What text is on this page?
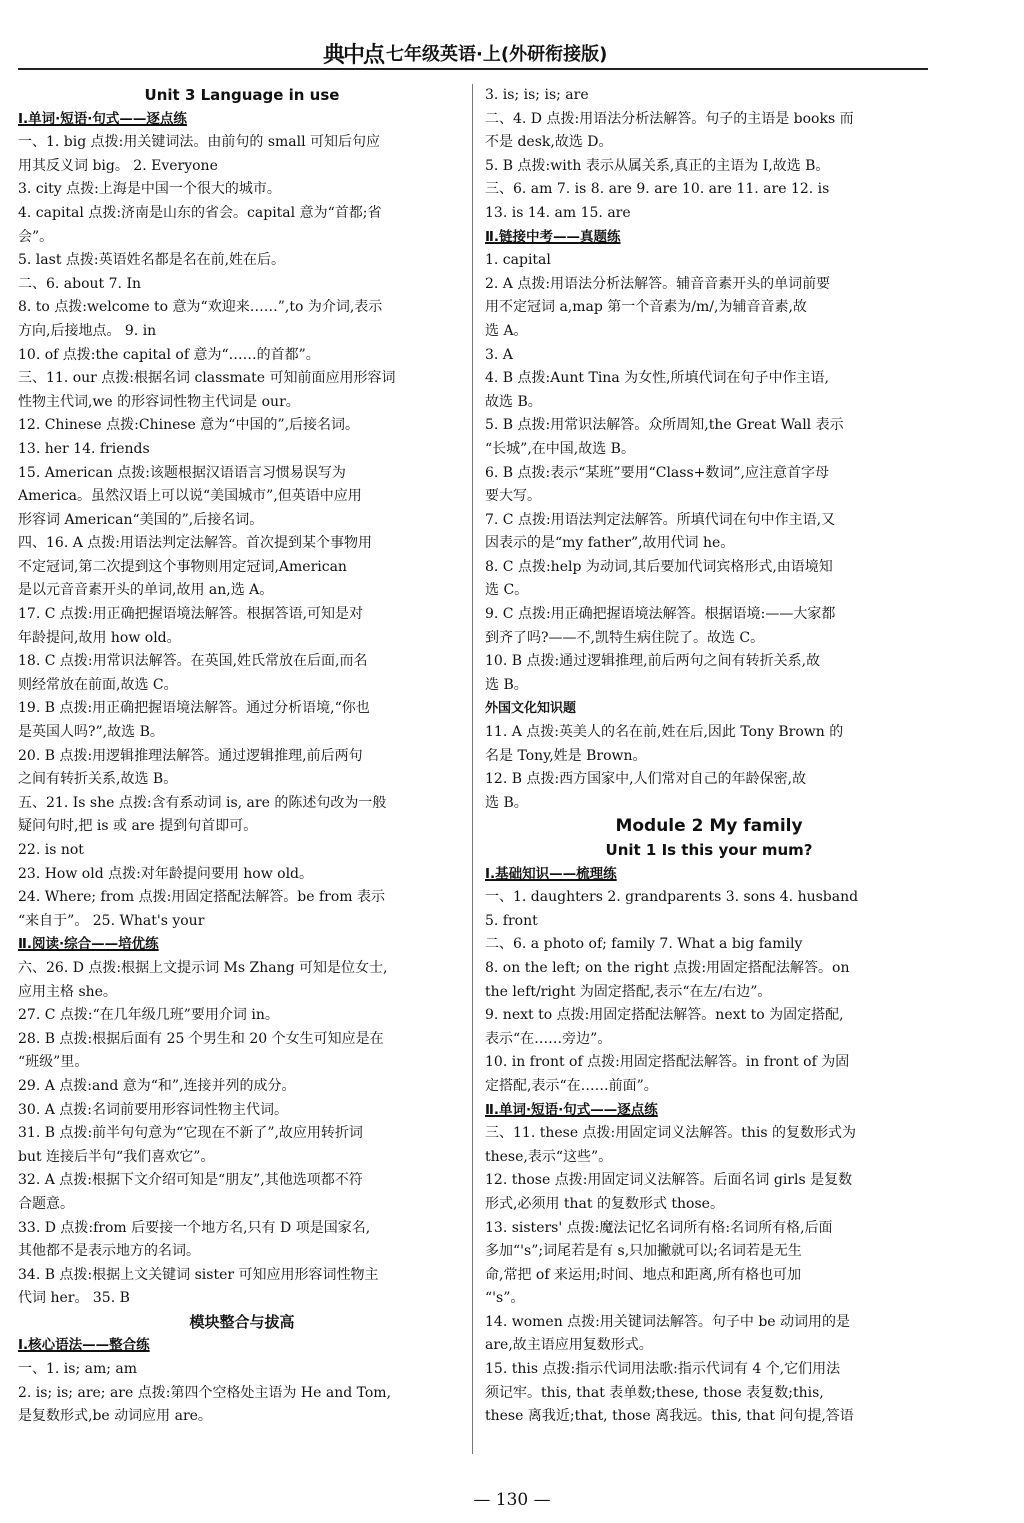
典中点 七年级英语·上(外研衔接版)
Unit 3 Language in use
Ⅰ.单词·短语·句式——逐点练
一、1. big 点拨:用关键词法。由前句的 small 可知后句应
用其反义词 big。 2. Everyone
3. city 点拨:上海是中国一个很大的城市。
4. capital 点拨:济南是山东的省会。capital 意为“首都;省
会”。
5. last 点拨:英语姓名都是名在前,姓在后。
二、6. about 7. In
8. to 点拨:welcome to 意为“欢迎来……”,to 为介词,表示
方向,后接地点。 9. in
10. of 点拨:the capital of 意为“……的首都”。
三、11. our 点拨:根据名词 classmate 可知前面应用形容词
性物主代词,we 的形容词性物主代词是 our。
12. Chinese 点拨:Chinese 意为“中国的”,后接名词。
13. her 14. friends
15. American 点拨:该题根据汉语语言习惯易误写为
America。虽然汉语上可以说“美国城市”,但英语中应用
形容词 American“美国的”,后接名词。
四、16. A 点拨:用语法判定法解答。首次提到某个事物用
不定冠词,第二次提到这个事物则用定冠词,American
是以元音音素开头的单词,故用 an,选 A。
17. C 点拨:用正确把握语境法解答。根据答语,可知是对
年龄提问,故用 how old。
18. C 点拨:用常识法解答。在英国,姓氏常放在后面,而名
则经常放在前面,故选 C。
19. B 点拨:用正确把握语境法解答。通过分析语境,“你也
是英国人吗?”,故选 B。
20. B 点拨:用逻辑推理法解答。通过逻辑推理,前后两句
之间有转折关系,故选 B。
五、21. Is she 点拨:含有系动词 is, are 的陈述句改为一般
疑问句时,把 is 或 are 提到句首即可。
22. is not
23. How old 点拨:对年龄提问要用 how old。
24. Where; from 点拨:用固定搭配法解答。be from 表示
“来自于”。 25. What's your
Ⅱ.阅读·综合——培优练
六、26. D 点拨:根据上文提示词 Ms Zhang 可知是位女士,
应用主格 she。
27. C 点拨:“在几年级几班”要用介词 in。
28. B 点拨:根据后面有 25 个男生和 20 个女生可知应是在
“班级”里。
29. A 点拨:and 意为“和”,连接并列的成分。
30. A 点拨:名词前要用形容词性物主代词。
31. B 点拨:前半句句意为“它现在不新了”,故应用转折词
but 连接后半句“我们喜欢它”。
32. A 点拨:根据下文介绍可知是“朋友”,其他选项都不符
合题意。
33. D 点拨:from 后要接一个地方名,只有 D 项是国家名,
其他都不是表示地方的名词。
34. B 点拨:根据上文关键词 sister 可知应用形容词性物主
代词 her。 35. B
模块整合与拔高
Ⅰ.核心语法——整合练
一、1. is; am; am
2. is; is; are; are 点拨:第四个空格处主语为 He and Tom,
是复数形式,be 动词应用 are。
3. is; is; is; are
二、4. D 点拨:用语法分析法解答。句子的主语是 books 而
不是 desk,故选 D。
5. B 点拨:with 表示从属关系,真正的主语为 I,故选 B。
三、6. am 7. is 8. are 9. are 10. are 11. are 12. is
13. is 14. am 15. are
Ⅱ.链接中考——真题练
1. capital
2. A 点拨:用语法分析法解答。辅音音素开头的单词前要
用不定冠词 a,map 第一个音素为/m/,为辅音音素,故
选 A。
3. A
4. B 点拨:Aunt Tina 为女性,所填代词在句子中作主语,
故选 B。
5. B 点拨:用常识法解答。众所周知,the Great Wall 表示
“长城”,在中国,故选 B。
6. B 点拨:表示“某班”要用“Class+数词”,应注意首字母
要大写。
7. C 点拨:用语法判定法解答。所填代词在句中作主语,又
因表示的是“my father”,故用代词 he。
8. C 点拨:help 为动词,其后要加代词宾格形式,由语境知
选 C。
9. C 点拨:用正确把握语境法解答。根据语境:——大家都
到齐了吗?——不,凯特生病住院了。故选 C。
10. B 点拨:通过逻辑推理,前后两句之间有转折关系,故
选 B。
外国文化知识题
11. A 点拨:英美人的名在前,姓在后,因此 Tony Brown 的
名是 Tony,姓是 Brown。
12. B 点拨:西方国家中,人们常对自己的年龄保密,故
选 B。
Module 2 My family
Unit 1 Is this your mum?
Ⅰ.基础知识——梳理练
一、1. daughters 2. grandparents 3. sons 4. husband
5. front
二、6. a photo of; family 7. What a big family
8. on the left; on the right 点拨:用固定搭配法解答。on
the left/right 为固定搭配,表示“在左/右边”。
9. next to 点拨:用固定搭配法解答。next to 为固定搭配,
表示“在……旁边”。
10. in front of 点拨:用固定搭配法解答。in front of 为固
定搭配,表示“在……前面”。
Ⅱ.单词·短语·句式——逐点练
三、11. these 点拨:用固定词义法解答。this 的复数形式为
these,表示“这些”。
12. those 点拨:用固定词义法解答。后面名词 girls 是复数
形式,必须用 that 的复数形式 those。
13. sisters' 点拨:魔法记忆名词所有格:名词所有格,后面
多加“'s”;词尾若是有 s,只加撇就可以;名词若是无生
命,常把 of 来运用;时间、地点和距离,所有格也可加
“'s”。
14. women 点拨:用关键词法解答。句子中 be 动词用的是
are,故主语应用复数形式。
15. this 点拨:指示代词用法歌:指示代词有 4 个,它们用法
须记牢。this, that 表单数;these, those 表复数;this,
these 离我近;that, those 离我远。this, that 问句提,答语
— 130 —
